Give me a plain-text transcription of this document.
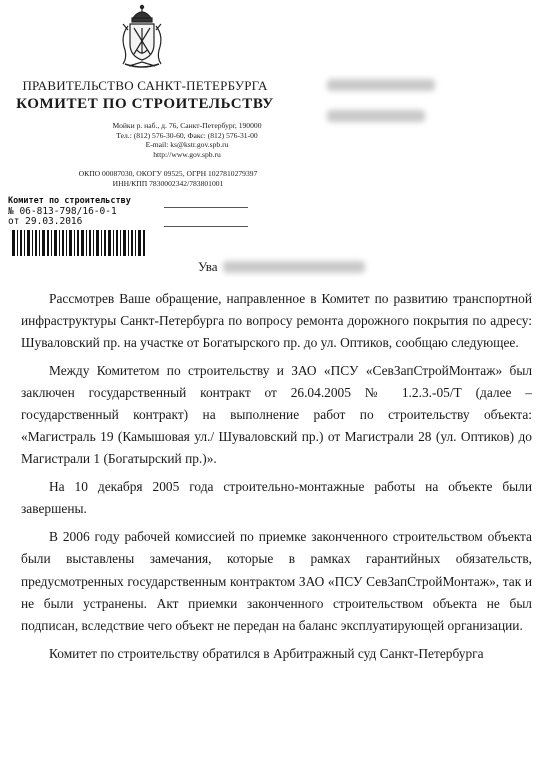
ПРАВИТЕЛЬСТВО САНКТ-ПЕТЕРБУРГА
КОМИТЕТ ПО СТРОИТЕЛЬСТВУ
Мойки р. наб., д. 76, Санкт-Петербург, 190000
Тел.: (812) 576-30-60, Факс: (812) 576-31-00
E-mail: ks@kstr.gov.spb.ru
http://www.gov.spb.ru
ОКПО 00087030, ОКОГУ 09525, ОГРН 1027810279397
ИНН/КПП 7830002342/783801001
Комитет по строительству
№ 06-813-798/16-0-1
от 29.03.2016
Ува

Рассмотрев Ваше обращение, направленное в Комитет по развитию транспортной инфраструктуры Санкт-Петербурга по вопросу ремонта дорожного покрытия по адресу: Шуваловский пр. на участке от Богатырского пр. до ул. Оптиков, сообщаю следующее.

Между Комитетом по строительству и ЗАО «ПСУ «СевЗапСтройМонтаж» был заключен государственный контракт от 26.04.2005 № 1.2.3.-05/Т (далее – государственный контракт) на выполнение работ по строительству объекта: «Магистраль 19 (Камышовая ул./ Шуваловский пр.) от Магистрали 28 (ул. Оптиков) до Магистрали 1 (Богатырский пр.)».

На 10 декабря 2005 года строительно-монтажные работы на объекте были завершены.

В 2006 году рабочей комиссией по приемке законченного строительством объекта были выставлены замечания, которые в рамках гарантийных обязательств, предусмотренных государственным контрактом ЗАО «ПСУ СевЗапСтройМонтаж», так и не были устранены. Акт приемки законченного строительством объекта не был подписан, вследствие чего объект не передан на баланс эксплуатирующей организации.

Комитет по строительству обратился в Арбитражный суд Санкт-Петербурга
